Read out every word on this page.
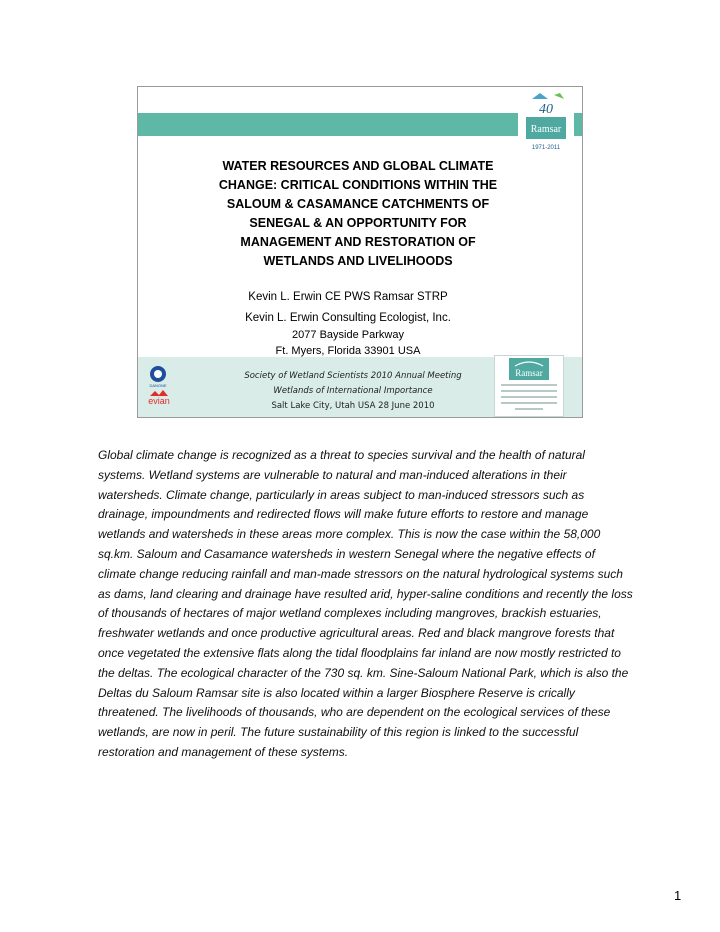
40
Ramsar
1971-2011
WATER RESOURCES AND GLOBAL CLIMATE
CHANGE: CRITICAL CONDITIONS WITHIN THE
SALOUM & CASAMANCE CATCHMENTS OF
SENEGAL & AN OPPORTUNITY FOR
MANAGEMENT AND RESTORATION OF
WETLANDS AND LIVELIHOODS
Kevin L. Erwin CE PWS Ramsar STRP
Kevin L. Erwin Consulting Ecologist, Inc.
2077 Bayside Parkway
Ft. Myers, Florida 33901 USA
DANONE
evian
Society of Wetland Scientists 2010 Annual Meeting
Wetlands of International Importance
Salt Lake City, Utah USA 28 June 2010
Ramsar
Global climate change is recognized as a threat to species survival and the health of natural systems. Wetland systems are vulnerable to natural and man-induced alterations in their watersheds. Climate change, particularly in areas subject to man-induced stressors such as drainage, impoundments and redirected flows will make future efforts to restore and manage wetlands and watersheds in these areas more complex. This is now the case within the 58,000 sq.km. Saloum and Casamance watersheds in western Senegal where the negative effects of climate change reducing rainfall and man-made stressors on the natural hydrological systems such as dams, land clearing and drainage have resulted arid, hyper-saline conditions and recently the loss of thousands of hectares of major wetland complexes including mangroves, brackish estuaries, freshwater wetlands and once productive agricultural areas. Red and black mangrove forests that once vegetated the extensive flats along the tidal floodplains far inland are now mostly restricted to the deltas. The ecological character of the 730 sq. km. Sine-Saloum National Park, which is also the Deltas du Saloum Ramsar site is also located within a larger Biosphere Reserve is crically threatened. The livelihoods of thousands, who are dependent on the ecological services of these wetlands, are now in peril. The future sustainability of this region is linked to the successful restoration and management of these systems.
1
